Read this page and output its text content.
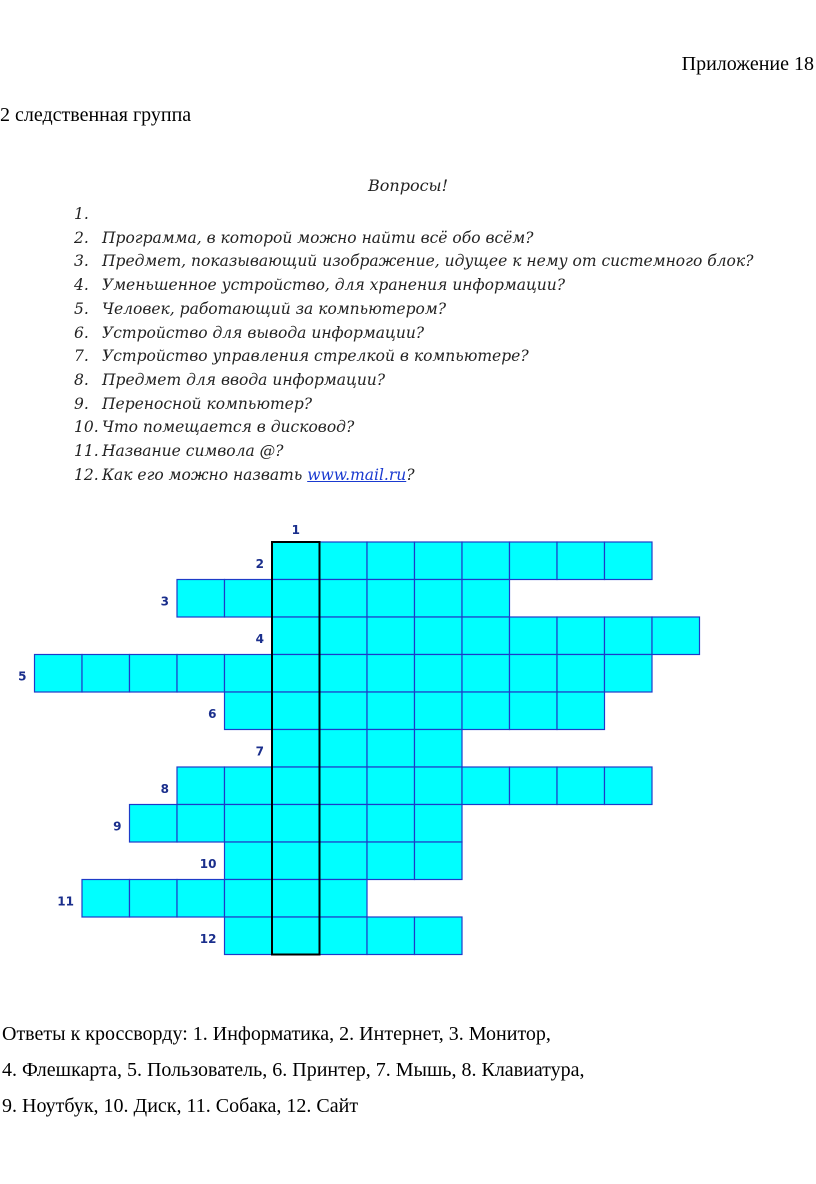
Приложение 18
2 следственная группа
Вопросы!
1.
2. Программа, в которой можно найти всё обо всём?
3. Предмет, показывающий изображение, идущее к нему от системного блок?
4. Уменьшенное устройство, для хранения информации?
5. Человек, работающий за компьютером?
6. Устройство для вывода информации?
7. Устройство управления стрелкой в компьютере?
8. Предмет для ввода информации?
9. Переносной компьютер?
10. Что помещается в дисковод?
11. Название символа @?
12. Как его можно назвать www.mail.ru?
2
3
4
5
6
7
8
9
10
11
12
1
Ответы к кроссворду: 1. Информатика, 2. Интернет, 3. Монитор,
4. Флешкарта, 5. Пользователь, 6. Принтер, 7. Мышь, 8. Клавиатура,
9. Ноутбук, 10. Диск, 11. Собака, 12. Сайт
